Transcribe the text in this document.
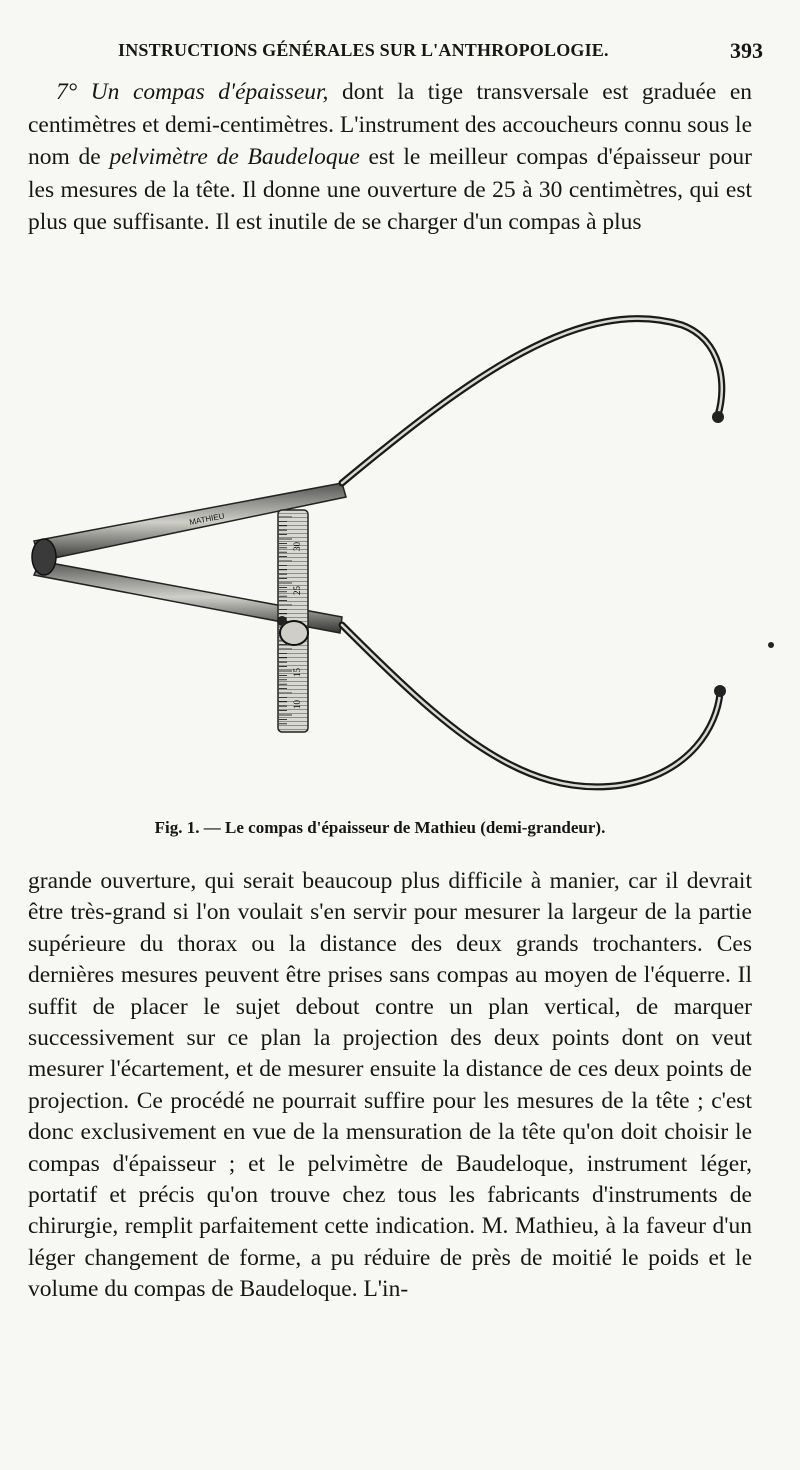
INSTRUCTIONS GÉNÉRALES SUR L'ANTHROPOLOGIE.	393

7° Un compas d'épaisseur, dont la tige transversale est graduée en centimètres et demi-centimètres. L'instrument des accoucheurs connu sous le nom de pelvimètre de Baudeloque est le meilleur compas d'épaisseur pour les mesures de la tête. Il donne une ouverture de 25 à 30 centimètres, qui est plus que suffisante. Il est inutile de se charger d'un compas à plus

30
25
15
10
MATHIEU
Fig. 1. — Le compas d'épaisseur de Mathieu (demi-grandeur).

grande ouverture, qui serait beaucoup plus difficile à manier, car il devrait être très-grand si l'on voulait s'en servir pour mesurer la largeur de la partie supérieure du thorax ou la distance des deux grands trochanters. Ces dernières mesures peuvent être prises sans compas au moyen de l'équerre. Il suffit de placer le sujet debout contre un plan vertical, de marquer successivement sur ce plan la projection des deux points dont on veut mesurer l'écartement, et de mesurer ensuite la distance de ces deux points de projection. Ce procédé ne pourrait suffire pour les mesures de la tête ; c'est donc exclusivement en vue de la mensuration de la tête qu'on doit choisir le compas d'épaisseur ; et le pelvimètre de Baudeloque, instrument léger, portatif et précis qu'on trouve chez tous les fabricants d'instruments de chirurgie, remplit parfaitement cette indication. M. Mathieu, à la faveur d'un léger changement de forme, a pu réduire de près de moitié le poids et le volume du compas de Baudeloque. L'in-
